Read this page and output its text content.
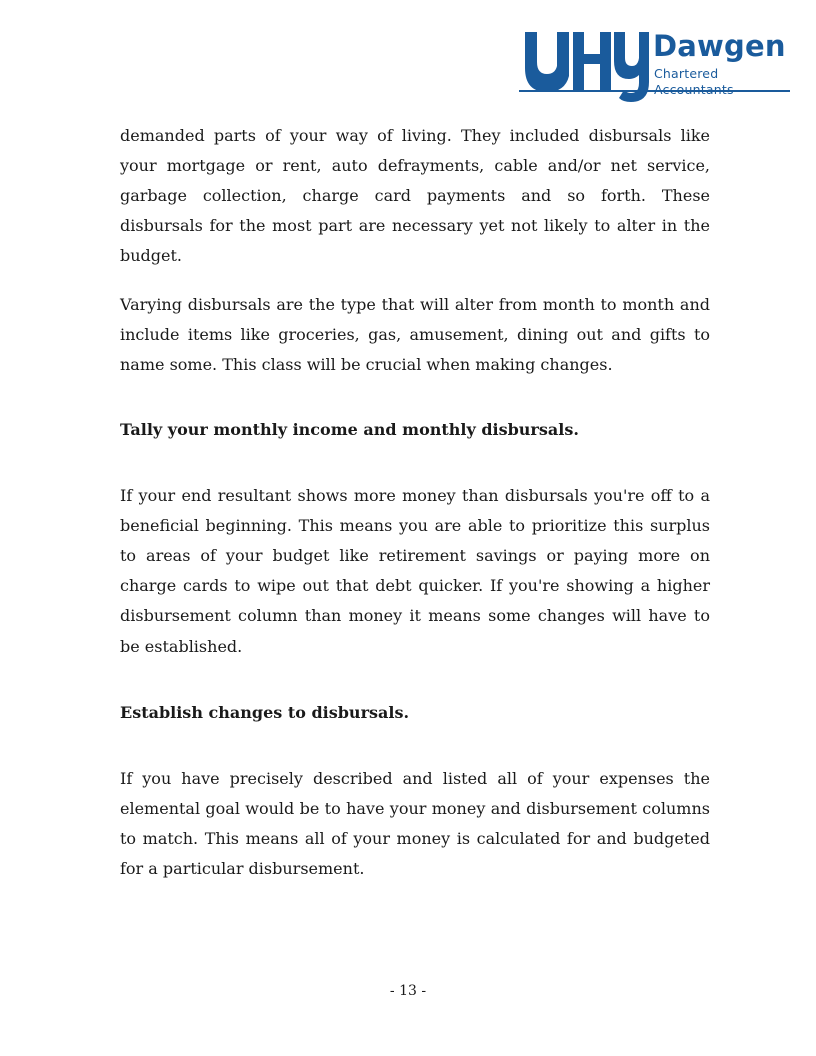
Dawgen
Chartered

demanded parts of your way of living. They included disbursals like your mortgage or rent, auto defrayments, cable and/or net service, garbage collection, charge card payments and so forth. These disbursals for the most part are necessary yet not likely to alter in the budget.

Varying disbursals are the type that will alter from month to month and include items like groceries, gas, amusement, dining out and gifts to name some. This class will be crucial when making changes.

Tally your monthly income and monthly disbursals.

If your end resultant shows more money than disbursals you're off to a beneficial beginning. This means you are able to prioritize this surplus to areas of your budget like retirement savings or paying more on charge cards to wipe out that debt quicker. If you're showing a higher disbursement column than money it means some changes will have to be established.

Establish changes to disbursals.

If you have precisely described and listed all of your expenses the elemental goal would be to have your money and disbursement columns to match. This means all of your money is calculated for and budgeted for a particular disbursement.

- 13 -
